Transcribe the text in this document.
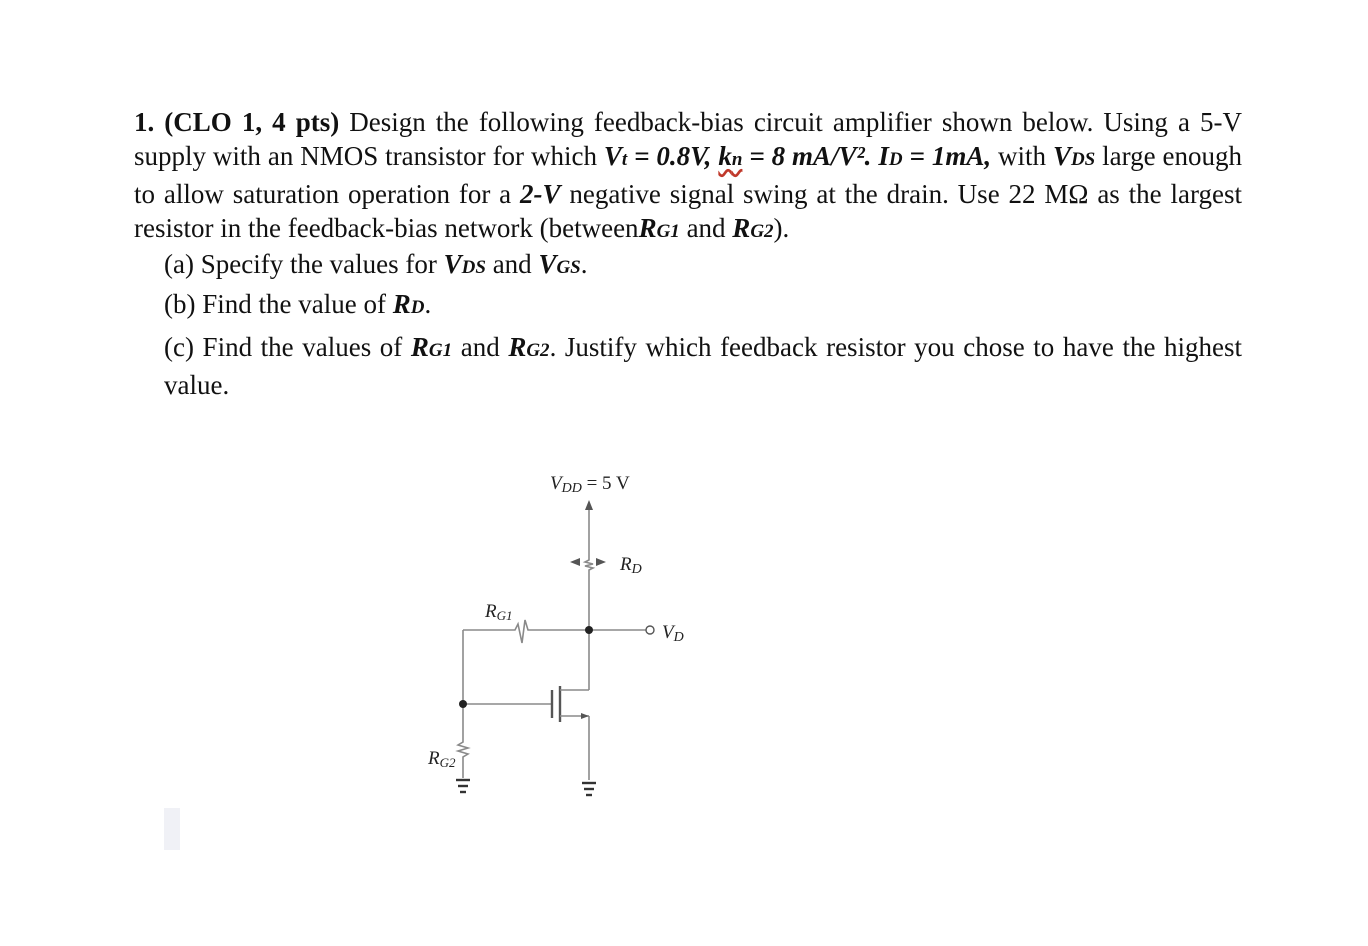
1. (CLO 1, 4 pts) Design the following feedback-bias circuit amplifier shown below. Using a 5-V supply with an NMOS transistor for which Vt = 0.8V, kn = 8 mA/V². ID = 1mA, with VDS large enough to allow saturation operation for a 2-V negative signal swing at the drain. Use 22 MΩ as the largest resistor in the feedback-bias network (betweenRG1 and RG2).
(a) Specify the values for VDS and VGS.
(b) Find the value of RD.
(c) Find the values of RG1 and RG2. Justify which feedback resistor you chose to have the highest value.
VDD = 5 V
RD
RG1
RG2
VD
